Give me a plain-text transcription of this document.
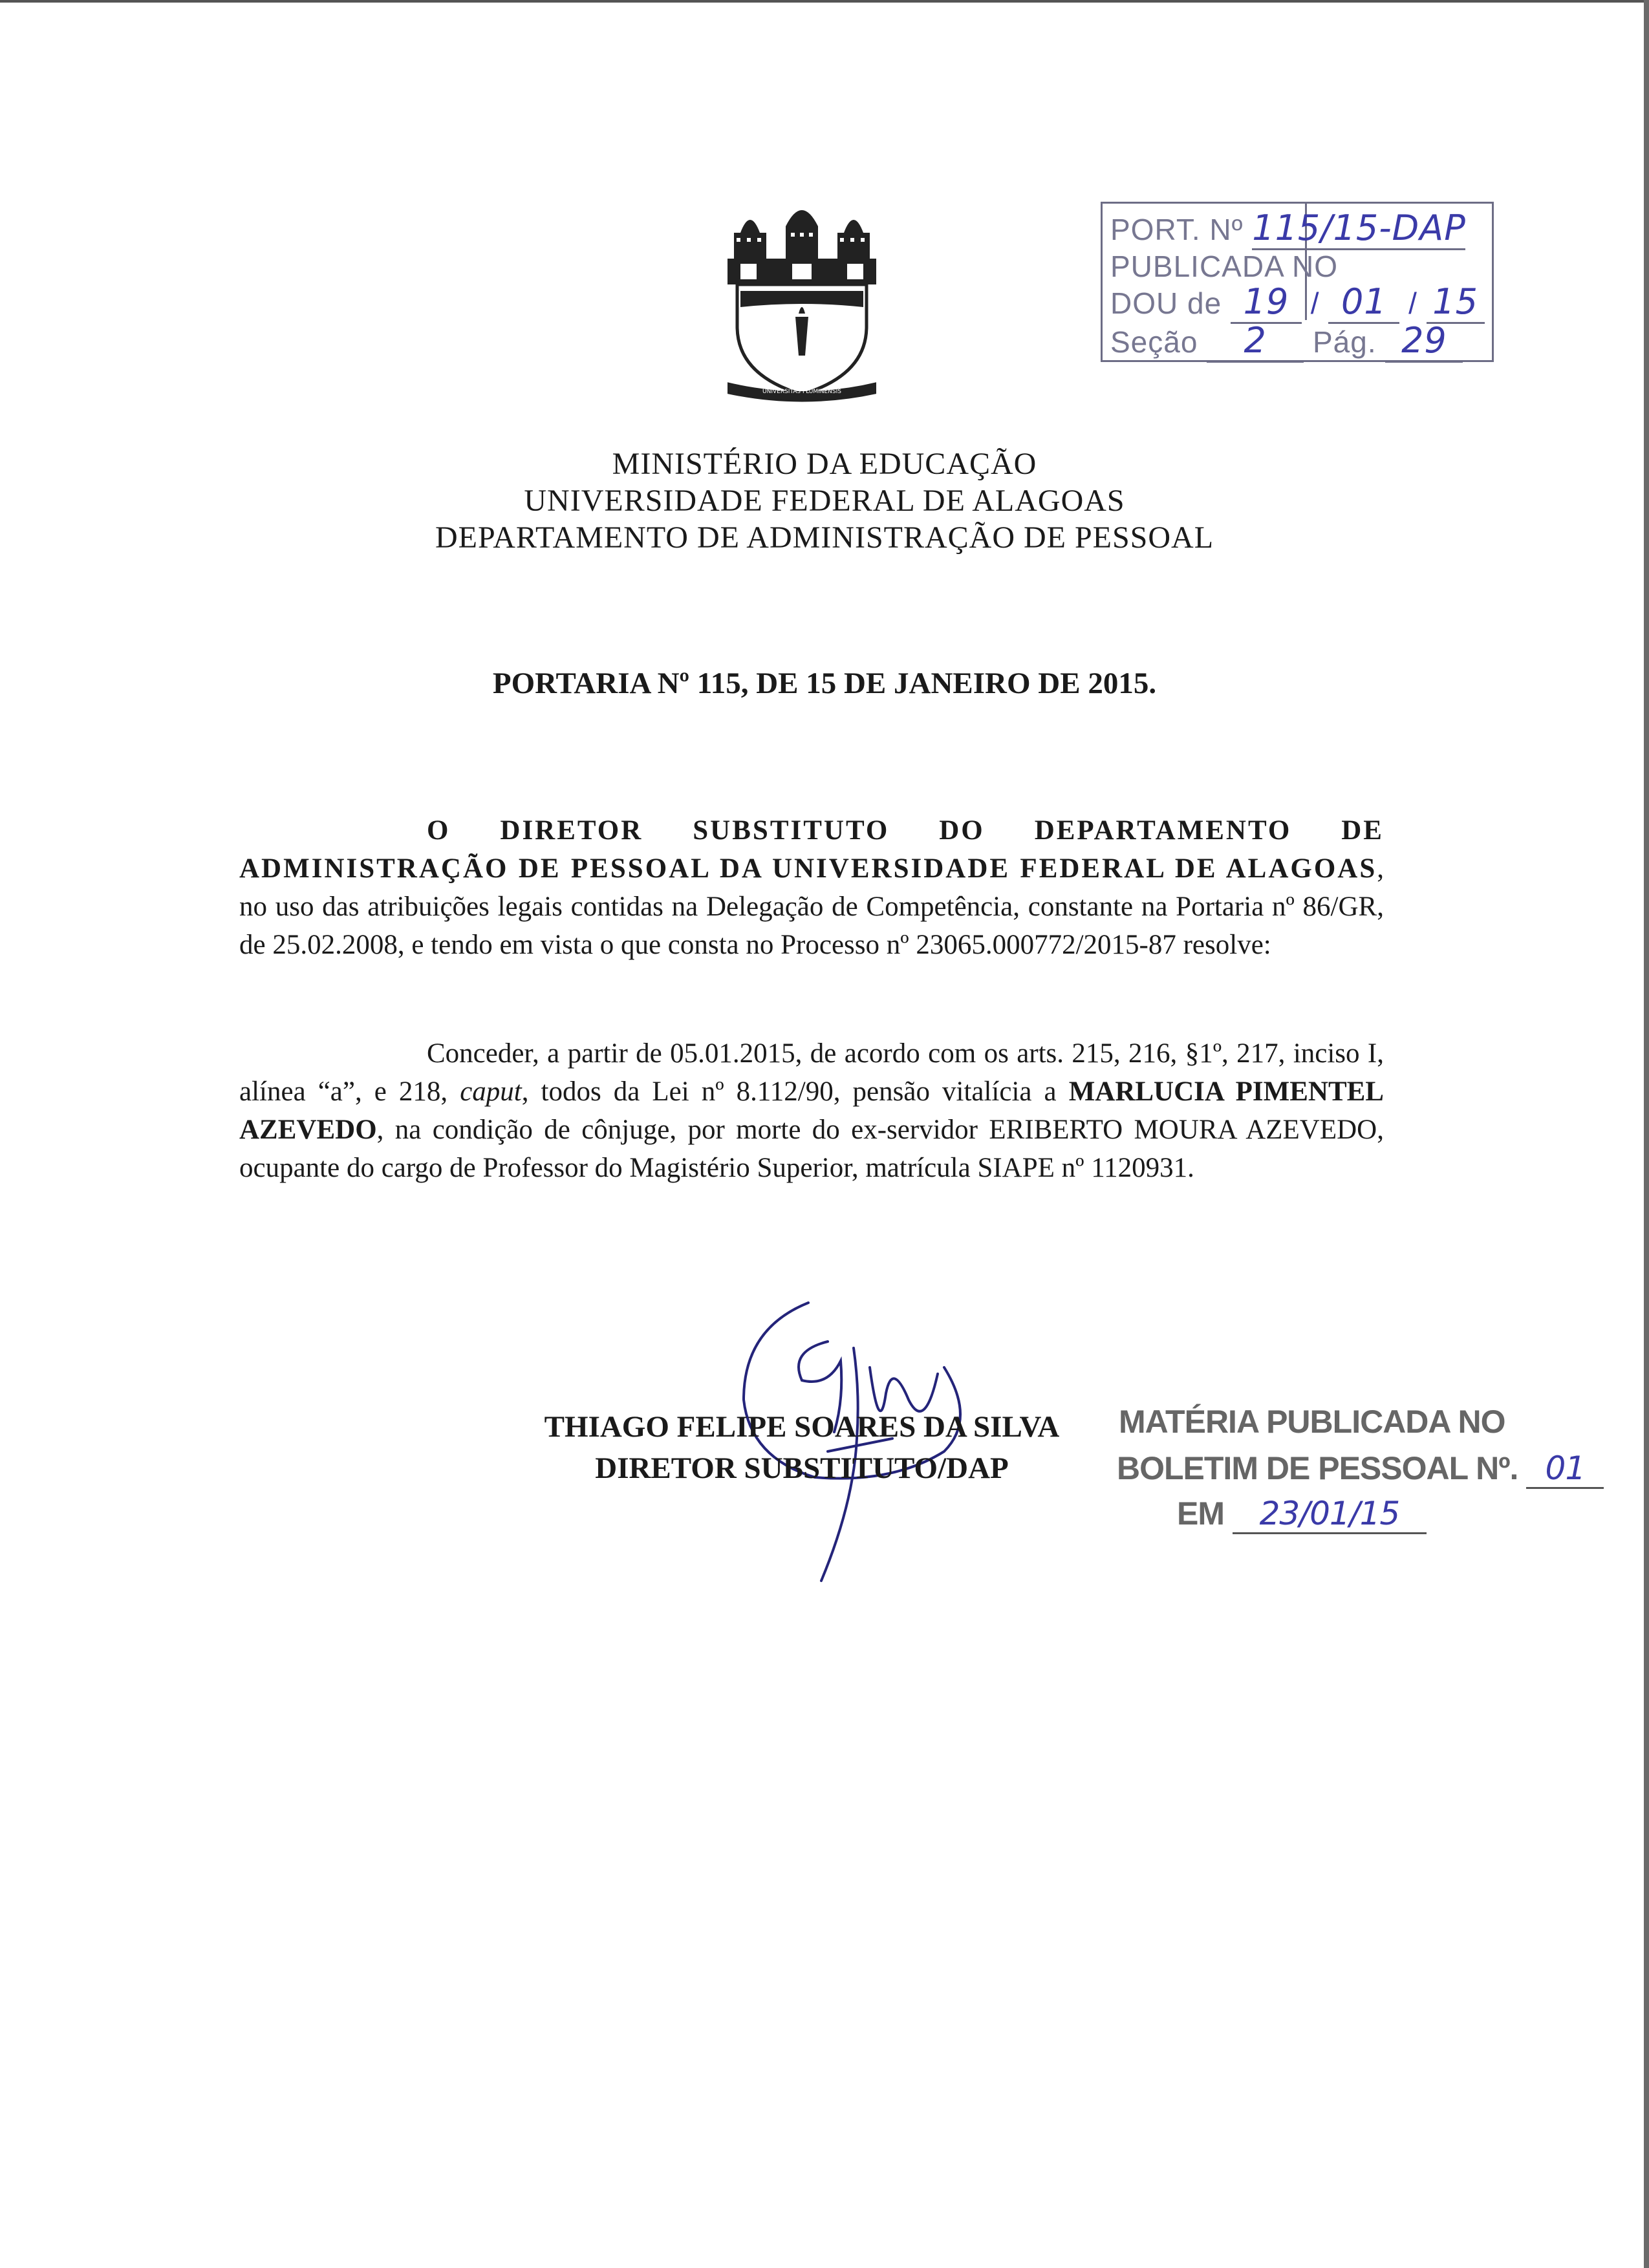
UNIVERSITAS FLUMINENSIS
PORT. Nº 115/15-DAP
PUBLICADA NO
DOU de 19 / 01 / 15
Seção 2 Pág. 29
MINISTÉRIO DA EDUCAÇÃO
UNIVERSIDADE FEDERAL DE ALAGOAS
DEPARTAMENTO DE ADMINISTRAÇÃO DE PESSOAL
PORTARIA Nº 115, DE 15 DE JANEIRO DE 2015.
O DIRETOR SUBSTITUTO DO DEPARTAMENTO DE ADMINISTRAÇÃO DE PESSOAL DA UNIVERSIDADE FEDERAL DE ALAGOAS, no uso das atribuições legais contidas na Delegação de Competência, constante na Portaria nº 86/GR, de 25.02.2008, e tendo em vista o que consta no Processo nº 23065.000772/2015-87 resolve:
Conceder, a partir de 05.01.2015, de acordo com os arts. 215, 216, §1º, 217, inciso I, alínea “a”, e 218, caput, todos da Lei nº 8.112/90, pensão vitalícia a MARLUCIA PIMENTEL AZEVEDO, na condição de cônjuge, por morte do ex-servidor ERIBERTO MOURA AZEVEDO, ocupante do cargo de Professor do Magistério Superior, matrícula SIAPE nº 1120931.
THIAGO FELIPE SOARES DA SILVA
DIRETOR SUBSTITUTO/DAP
MATÉRIA PUBLICADA NO
BOLETIM DE PESSOAL Nº. 01
EM 23/01/15
